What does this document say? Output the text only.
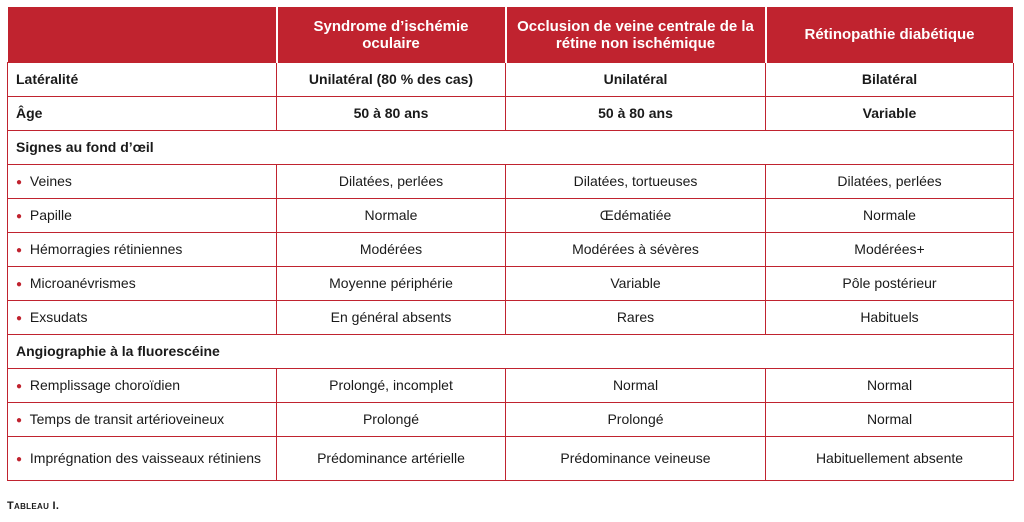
	Syndrome d’ischémie oculaire	Occlusion de veine centrale de la rétine non ischémique	Rétinopathie diabétique
Latéralité	Unilatéral (80 % des cas)	Unilatéral	Bilatéral
Âge	50 à 80 ans	50 à 80 ans	Variable
Signes au fond d’œil			
● Veines	Dilatées, perlées	Dilatées, tortueuses	Dilatées, perlées
● Papille	Normale	Œdématiée	Normale
● Hémorragies rétiniennes	Modérées	Modérées à sévères	Modérées+
● Microanévrismes	Moyenne périphérie	Variable	Pôle postérieur
● Exsudats	En général absents	Rares	Habituels
Angiographie à la fluorescéine			
● Remplissage choroïdien	Prolongé, incomplet	Normal	Normal
● Temps de transit artérioveineux	Prolongé	Prolongé	Normal
● Imprégnation des vaisseaux rétiniens	Prédominance artérielle	Prédominance veineuse	Habituellement absente
Tableau I.
